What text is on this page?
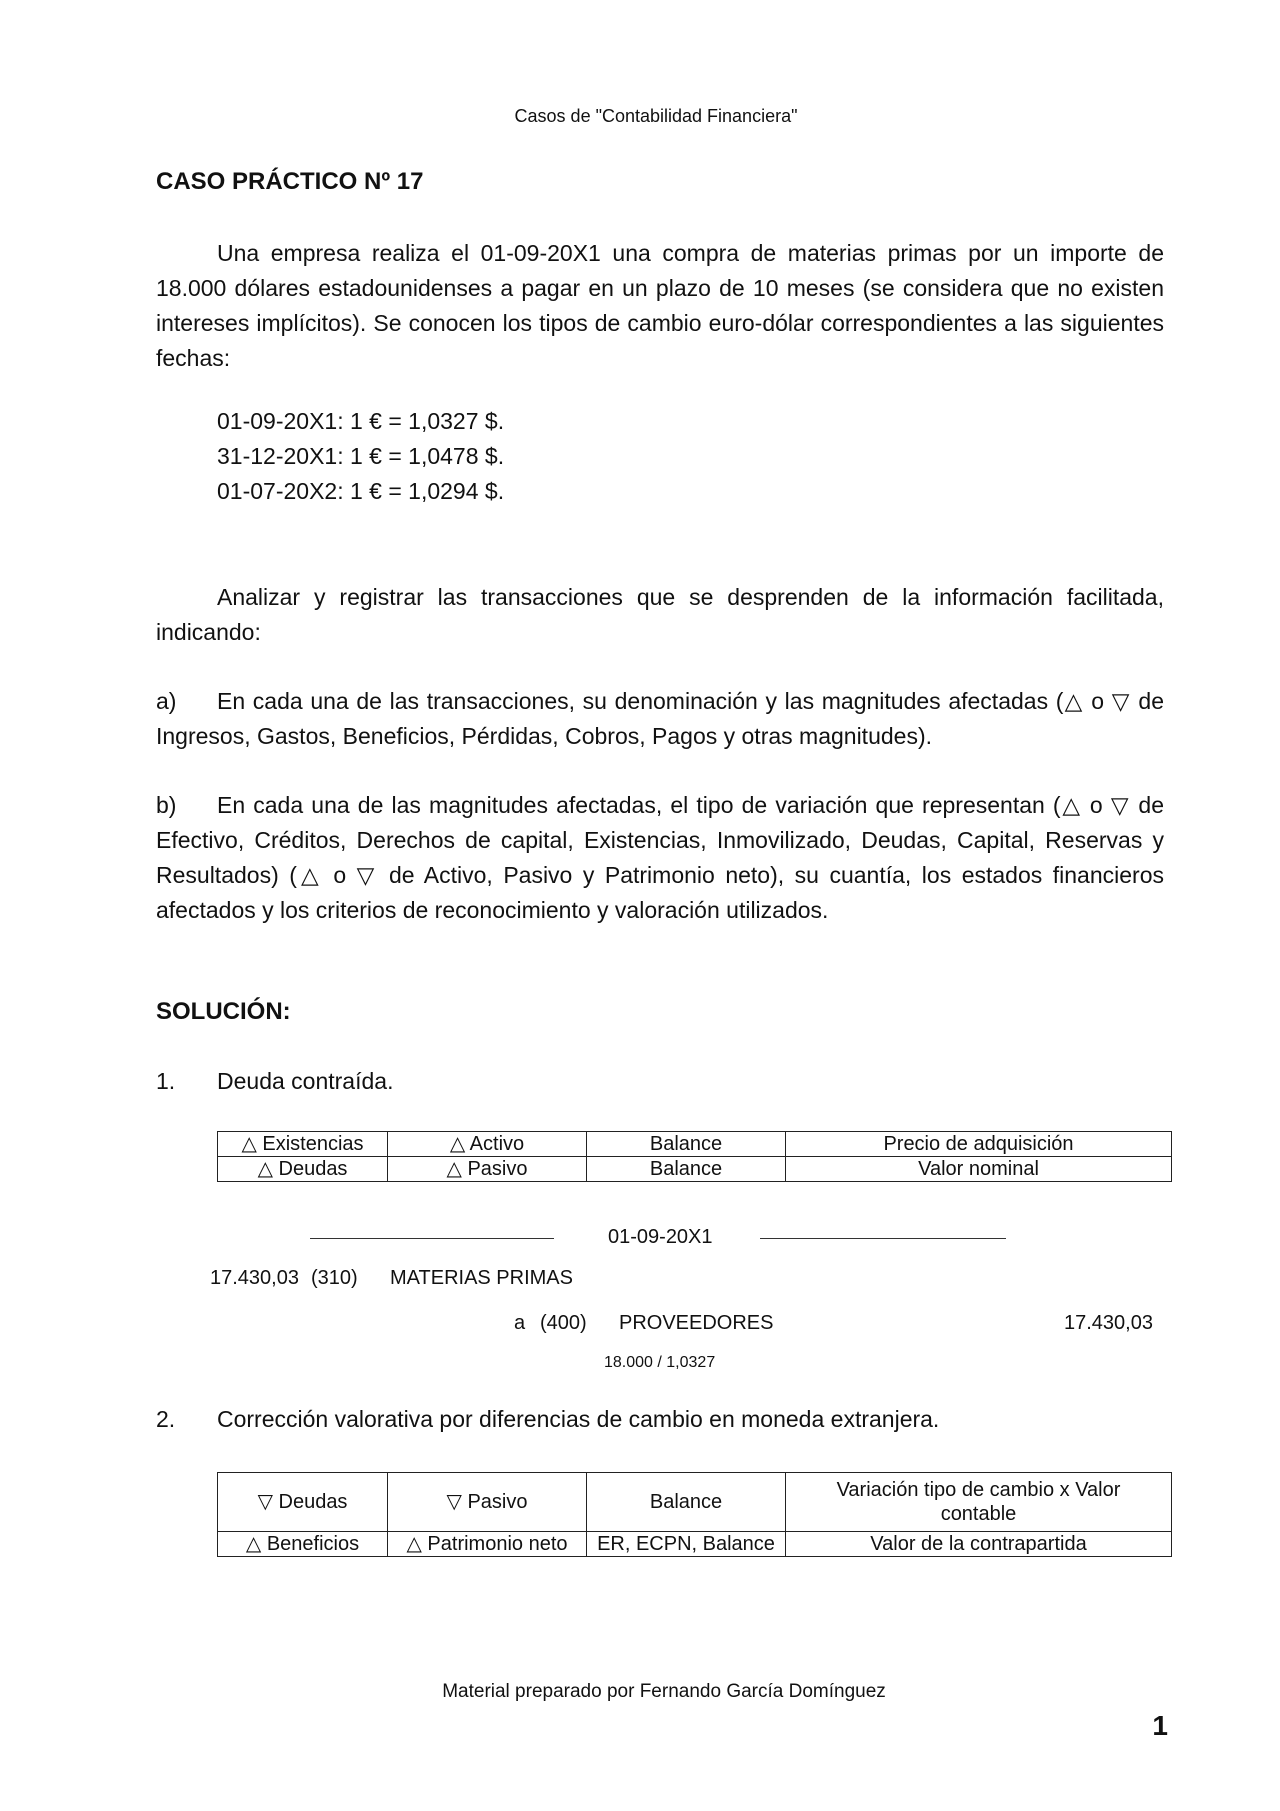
Casos de "Contabilidad Financiera"
CASO PRÁCTICO Nº 17
Una empresa realiza el 01-09-20X1 una compra de materias primas por un importe de 18.000 dólares estadounidenses a pagar en un plazo de 10 meses (se considera que no existen intereses implícitos). Se conocen los tipos de cambio euro-dólar correspondientes a las siguientes fechas:
01-09-20X1: 1 € = 1,0327 $.
31-12-20X1: 1 € = 1,0478 $.
01-07-20X2: 1 € = 1,0294 $.
Analizar y registrar las transacciones que se desprenden de la información facilitada, indicando:
a)	En cada una de las transacciones, su denominación y las magnitudes afectadas (△ o ▽ de Ingresos, Gastos, Beneficios, Pérdidas, Cobros, Pagos y otras magnitudes).
b)	En cada una de las magnitudes afectadas, el tipo de variación que representan (△ o ▽ de Efectivo, Créditos, Derechos de capital, Existencias, Inmovilizado, Deudas, Capital, Reservas y Resultados) (△ o ▽ de Activo, Pasivo y Patrimonio neto), su cuantía, los estados financieros afectados y los criterios de reconocimiento y valoración utilizados.
SOLUCIÓN:
1. Deuda contraída.
△ Existencias	△ Activo	Balance	Precio de adquisición
△ Deudas	△ Pasivo	Balance	Valor nominal
01-09-20X1
17.430,03 (310) MATERIAS PRIMAS
a (400) PROVEEDORES	17.430,03
18.000 / 1,0327
2. Corrección valorativa por diferencias de cambio en moneda extranjera.
▽ Deudas	▽ Pasivo	Balance	Variación tipo de cambio x Valor contable
△ Beneficios	△ Patrimonio neto	ER, ECPN, Balance	Valor de la contrapartida
Material preparado por Fernando García Domínguez
1
